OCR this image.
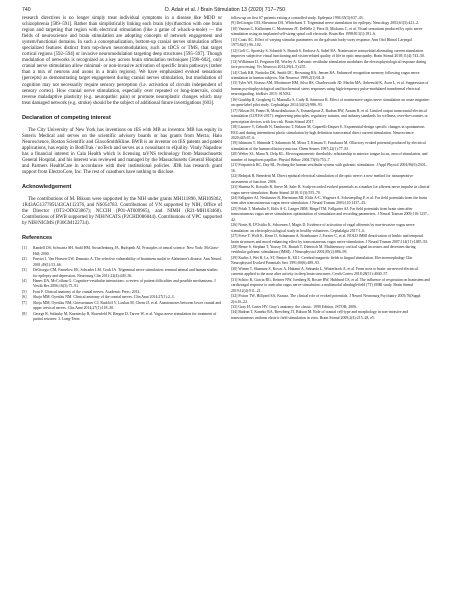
740	D. Adair et al. / Brain Stimulation 13 (2020) 717–750

research directives is no longer simply treat individual symptoms in a disease like MDD or schizophrenia [589–591]. Rather than simplistically linking each brain (dys)function with one brain region and targeting that region with electrical stimulation (like a game of whack-a-mole) — the fields of neuroscience and brain stimulation are adopting concepts of network engagement and system/functional domains. In such a conceptualization, bottom-up cranial nerves stimulation offers specialized features distinct from top-down neuromodulation, such as tDCS or TMS, that target cortical regions [592–594] or invasive neuromodulation targeting deep structures [595–597]. Though modulation of networks is recognized as a key across brain stimulation techniques [598–602], only cranial nerve stimulation allow minimal- or non-invasive activation of specific brain pathways (rather than a mix of neurons and axons in a brain regions). We have emphasized evoked sensations (percepts) as demonstrating target engagement during cranial nerves stimulation, but modulation of cognition may not necessarily require sensory perception (i.e. activation of circuits independent of sensory cortex). How cranial nerve stimulation, especially over repeated or long-intervals, could reverse maladaptive plasticity (e.g. neuropathic pain) or promote neuroplastic changes which may treat damaged network (e.g. stroke) should be the subject of additional future investigations [603].

Declaration of competing interest

The City University of New York has inventions on tES with MB as inventor. MB has equity in Soterix Medical and serves on the scientific advisory boards or has grants from Mecta, Halo Neuroscience, Boston Scientific and GlaxoSmithKline. BWB is an inventor on tES patents and patent applications, has equity in BodiTrak / noTech and serves as a consultant to eQuility. Vitaly Napadow has a financial interest in Cala Health which is licensing taVNS technology from Massachusetts General Hospital, and his interest was reviewed and managed by the Massachusetts General Hospital and Partners HealthCare in accordance with their institutional policies. JDB has research grant support from ElectroCore, Inc. The rest of coauthors have nothing to disclose.

Acknowledgement

The contributions of M. Bikson were supported by the NIH under grants MH111896, MH109362, 1R43AG137785U43CA112376, and NS054783. Contributions of VN supported by NIH, Office of the Director (OT2-OD023867); NCCIH (P01-AT009965), and NIMH (R21-MH103468). Contributions of BWB supported by NIH/NCATS (P2CHD086844). Contributions of VPC supported by NIH/NIGMS (P30GM122734).

References
[1] Randell DS, Schwartz SH, Stahl HM, Swoaffenborg JA, Hudspeth AJ. Principles of neural science. New York: McGraw-Hill; 2000.
[2] Parvizi J, Van Hoesen GW, Damasio A. The selective vulnerability of brainstem nuclei to Alzheimer's disease. Ann Neurol 2001;49(1):53–66.
[3] DeGiorgio CM, Fanselow EE, Schrader LM, Cook IA. Trigeminal nerve stimulation: seminal animal and human studies for epilepsy and depression. Neurosurg Clin 2011;22(4):449–56.
[4] Hanes DA, McCollum G. Cognitive-vestibular interactions: a review of patient difficulties and possible mechanisms. J Vestib Res 2006;16(3):75–91.
[5] Foni F. Clinical anatomy of the cranial nerves. Academic Press; 2014.
[6] Shoja MM, Oyesiku NM. Clinical anatomy of the cranial nerves. Clin Anat 2014;27(1):2–3.
[7] Shoja MM, Oyesiku NM, Griessenauer CJ, Radcliff V, Loukas M, Chern JJ, et al. Anastomoses between lower cranial and upper cervical nerves. Clin Anat 2014;27(1):118–30.
[8] George R, Salinsky M, Kuzniecky R, Rosenfeld W, Bergen D, Tarver W, et al. Vagus nerve stimulation for treatment of partial seizures: 3. Long-Term
follow-up on first 67 patients exiting a controlled study. Epilepsia 1994;35(3):637–43.
[9] DeGiorgio CM, Shewmon DA, Whitehurst T. Trigeminal nerve stimulation for epilepsy. Neurology 2003;61(3):421–2.
[10] Vanzan C, Kallioinen C, Mortensen JT, DeBelle J, Pierz D, Michaux C, et al. Visual sensations produced by optic nerve stimulation using an implanted self-sizing spiral cuff electrode. Brain Res 1998;813(1):181–6.
[11] Coats AC. Effect of varying stimulus parameters on the galvanic body-sway response. Ann Otol Rhinol Laryngol 1973;82(1):96–102.
[12] Golf C, Sportsky S, Schmidt S, Brandt S, Endorse A, Sabel BA. Noninvasive transorbital alternating current stimulation improves subjective visual functioning and vision-related quality of life in optic neuropathy. Brain Stimul 2018;11(4):743–50.
[13] Wilkinson D, Ferguson HJ, Worley A. Galvanic vestibular stimulation modulates the electrophysiological response during face processing. Vis Neurosci 2012;29(4–5):255.
[14] Clark KB, Naritoku DK, Smith DC, Browning RA, Jensen RA. Enhanced recognition memory following vagus nerve stimulation in human subjects. Nat Neurosci 1999;2(1):94–8.
[15] Tyler WJ, Boasso AM, Mortimore HM, Silva RS, Charlesworth JD, Marlin MA, Aebersold K, Aven L, et al. Suppression of human psychophysiological and biochemical stress responses using high-frequency pulse-modulated transdermal electrical neurosignaling. bioRxiv 2015: 015032.
[16] Gaultlip R, Grogberg G, Mazzullo S, Cudy B, Sarnoaca R. Effect of noninvasive vagus nerve stimulation on acute migraine: an open-label pilot study. Cephalalgia 2014;34(12):986–93.
[17] Nikson M, Paneri B, Mourdoukoutas A, Esmaeilpour Z, Badran BW, Azzam R, et al. Limited output transcranial electrical stimulation (LOTES-2017): engineering principles, regulatory statutes, and industry standards for wellness, over-the-counter, or prescription devices with low risk. Brain Stimul 2017.
[18] Lazarev V, Gebodh N, Tamborino T, Bikson M, Caparelli-Daquer E. Exponential-design specific changes in spontaneous EEG and during intermittent photic stimulation by high definition transcranial direct current stimulation. Neuroscience 2020;445:67–6.
[19] Ishimaru T, Shimada T, Sakumoto M, Miwa T, Kimura Y, Furukawa M. Olfactory evoked potential produced by electrical stimulation of the human olfactory mucosa. Chem Senses 1997;22(1):77–81.
[20] Welter SL, Mana N, Delp KL. Electrogustometric thresholds: relationship to anterior tongue locus, area of stimulation, and number of fungiform papillae. Physiol Behav 2004;73(6):753–7.
[21] Fitzpatrick RC, Day BL. Probing the human vestibular system with galvanic stimulation. J Appl Physiol 2004;96(6):2301–16.
[22] Brdnjak R, Benedetti M. Direct epidural electrical stimulation of the optic nerve: a new method for intraoperative assessment of function. 2006.
[23] Sharma K, Kotsulis R, Surve M, Sahv R. Scalp-recorded evoked potentials as a marker for afferent nerve impulse in clinical vagus nerve stimulation. Brain Stimul 2018;11(3):555–70.
[24] Fallgatter AJ, Neuhauser B, Herrmann MJ, Ehlis A-C, Wagener A, Scheuerpflug P, et al. Far field potentials from the brain stem after transcutaneous vagus nerve stimulation. J Neural Transm 2003;110:1437–43.
[25] Polak T, Markulin F, Ehlis A-C, Langer JBM, Ringel TM, Fallgatter AJ. Far field potentials from brain stem after transcutaneous vagus nerve stimulation: optimization of stimulation and recording parameters. J Neural Transm 2009;116:1237–42.
[26] Nonis R, D'Ostilio K, Schoenen J, Magis D. Evidence of activation of vagal afferents by non-invasive vagus nerve stimulation: an electrophysiological study in healthy volunteers. Cephalalgia 2017:1–6.
[27] Frese T, Wolf K, Kenn O, Schumann A, Bornhauser J, Forster C, et al. BOLD fMRI deactivation of limbic and temporal brain structures and mood enhancing effect by transcutaneous vagus nerve stimulation. J Neural Transm 2007;114(11):1485–93.
[28] Bense S, Stephan T, Yousry TA, Brandt T, Dieterich M. Multisensory cortical signal increases and decreases during vestibular galvanic stimulation (fMRI). J Neurophysiol 2001;85(2):886–99.
[29] Kurlin J, Wei R, Le, ST, Pantoe K, Ell J. Cerebral magnetic fields to lingual stimulation. Electroencephalogr Clin Neurophysiol Evoked Potentials Sect 1991;80(6):489–93.
[30] Wimm T, Shumurz S, Kovac A, Hakami A, Sekunda L, Winterbock A, et al. From nose to brain: un-nerved electrical currents applied to the nose alter activity in deep brain structures. Cereb Cortex 2018;28(11):4040–57.
[31] Schioc R, Garcia RG, Kettner NW, Isenberg R, Roster RW, Hubbard CS, et al. The influence of respiration on brainstem and cardiovagal response to auricular vagus nerve stimulation: a multimodal ultrahigh-field (7T) fMRI study. Brain Stimul 2019;12(4):911–21.
[32] Picton TW, Hillyard SA, Krausz. The clinical role of evoked potentials. J Neurol Neurosurg Psychiatry 2005;76(Suppl 2):ii16–22.
[33] Gray H, Carter HV. Gray's anatomy: the classic. 1990 Edition, JSTOR; 2006.
[34] Badran T, Kaneko RA, Brewberg JT, Bikson M. Role of cranial cell-type and morphology in non-invasive and transcutaneous uniform electric field stimulation in vitro. Brain Stimul 2009;2(4):215–28, e5.
